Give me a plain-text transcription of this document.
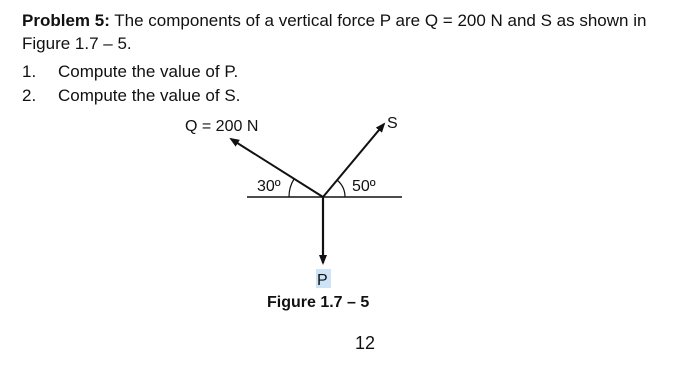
Problem 5: The components of a vertical force P are Q = 200 N and S as shown in Figure 1.7 – 5.
1.	Compute the value of P.
2.	Compute the value of S.
Q = 200 N	S
30º	50º
P
Figure 1.7 – 5
12
